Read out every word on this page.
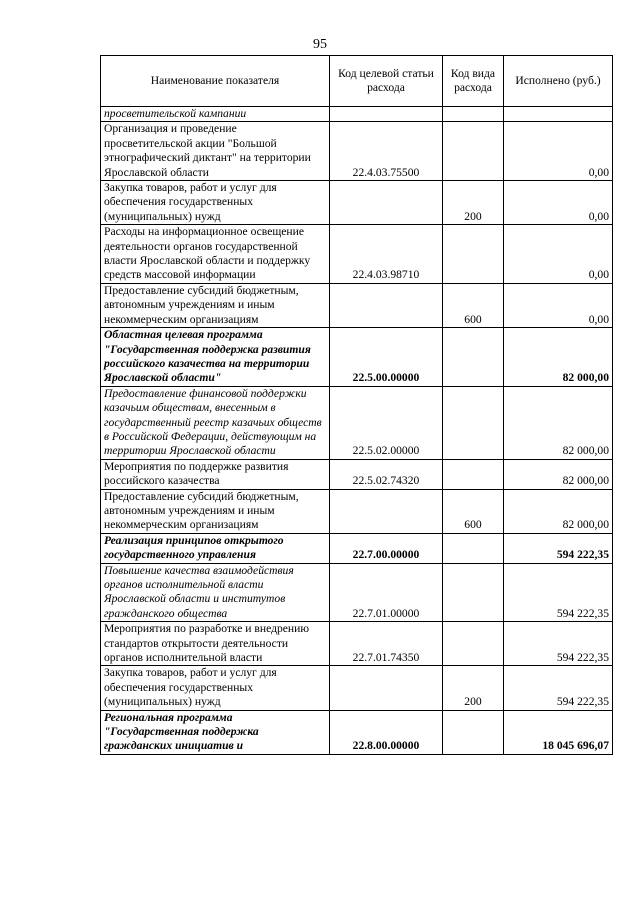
95
Наименование показателя	Код целевой статьи расхода	Код вида расхода	Исполнено (руб.)
просветительской кампании			
Организация и проведение просветительской акции "Большой этнографический диктант" на территории Ярославской области	22.4.03.75500		0,00
Закупка товаров, работ и услуг для обеспечения государственных (муниципальных) нужд		200	0,00
Расходы на информационное освещение деятельности органов государственной власти Ярославской области и поддержку средств массовой информации	22.4.03.98710		0,00
Предоставление субсидий бюджетным, автономным учреждениям и иным некоммерческим организациям		600	0,00
Областная целевая программа "Государственная поддержка развития российского казачества на территории Ярославской области"	22.5.00.00000		82 000,00
Предоставление финансовой поддержки казачьим обществам, внесенным в государственный реестр казачьих обществ в Российской Федерации, действующим на территории Ярославской области	22.5.02.00000		82 000,00
Мероприятия по поддержке развития российского казачества	22.5.02.74320		82 000,00
Предоставление субсидий бюджетным, автономным учреждениям и иным некоммерческим организациям		600	82 000,00
Реализация принципов открытого государственного управления	22.7.00.00000		594 222,35
Повышение качества взаимодействия органов исполнительной власти Ярославской области и институтов гражданского общества	22.7.01.00000		594 222,35
Мероприятия по разработке и внедрению стандартов открытости деятельности органов исполнительной власти	22.7.01.74350		594 222,35
Закупка товаров, работ и услуг для обеспечения государственных (муниципальных) нужд		200	594 222,35
Региональная программа "Государственная поддержка гражданских инициатив и	22.8.00.00000		18 045 696,07
